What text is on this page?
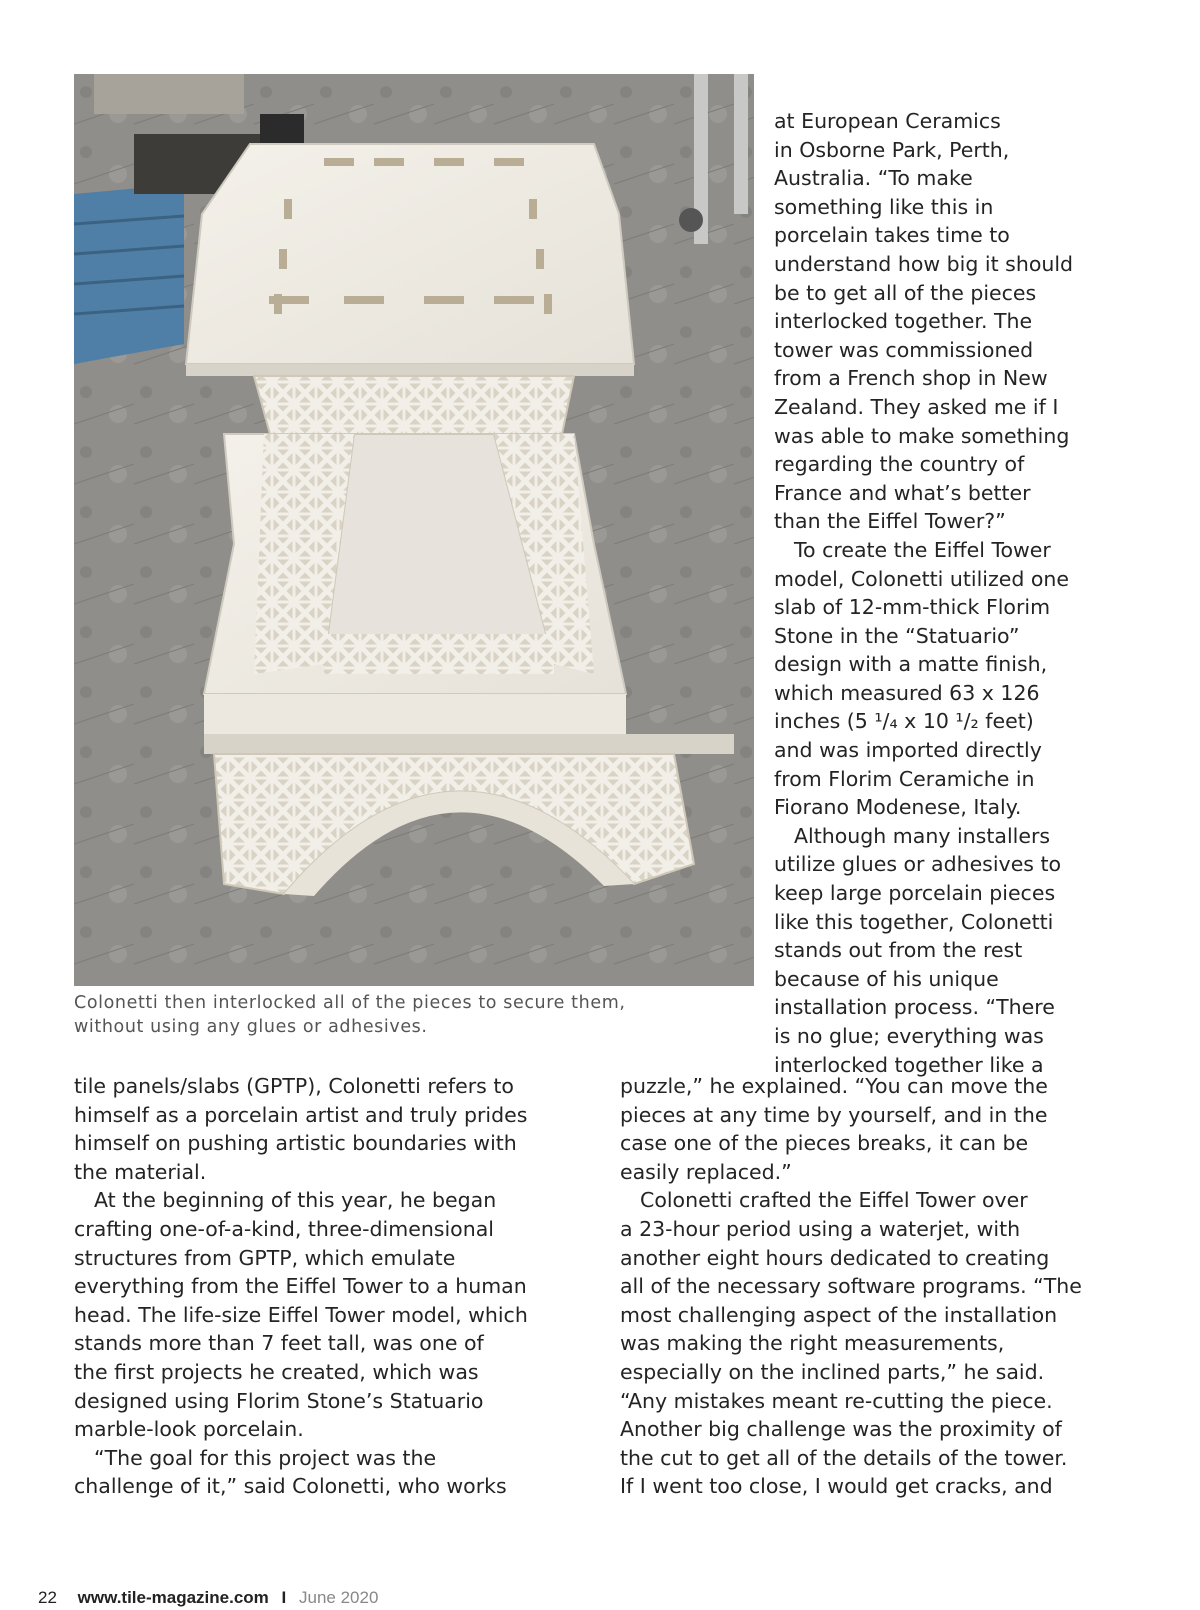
Colonetti then interlocked all of the pieces to secure them,
without using any glues or adhesives.

at European Ceramics
in Osborne Park, Perth,
Australia. “To make
something like this in
porcelain takes time to
understand how big it should
be to get all of the pieces
interlocked together. The
tower was commissioned
from a French shop in New
Zealand. They asked me if I
was able to make something
regarding the country of
France and what’s better
than the Eiffel Tower?”
To create the Eiffel Tower
model, Colonetti utilized one
slab of 12-mm-thick Florim
Stone in the “Statuario”
design with a matte finish,
which measured 63 x 126
inches (5 ¹/₄ x 10 ¹/₂ feet)
and was imported directly
from Florim Ceramiche in
Fiorano Modenese, Italy.
Although many installers
utilize glues or adhesives to
keep large porcelain pieces
like this together, Colonetti
stands out from the rest
because of his unique
installation process. “There
is no glue; everything was
interlocked together like a

tile panels/slabs (GPTP), Colonetti refers to
himself as a porcelain artist and truly prides
himself on pushing artistic boundaries with
the material.
At the beginning of this year, he began
crafting one-of-a-kind, three-dimensional
structures from GPTP, which emulate
everything from the Eiffel Tower to a human
head. The life-size Eiffel Tower model, which
stands more than 7 feet tall, was one of
the first projects he created, which was
designed using Florim Stone’s Statuario
marble-look porcelain.
“The goal for this project was the
challenge of it,” said Colonetti, who works
puzzle,” he explained. “You can move the
pieces at any time by yourself, and in the
case one of the pieces breaks, it can be
easily replaced.”
Colonetti crafted the Eiffel Tower over
a 23-hour period using a waterjet, with
another eight hours dedicated to creating
all of the necessary software programs. “The
most challenging aspect of the installation
was making the right measurements,
especially on the inclined parts,” he said.
“Any mistakes meant re-cutting the piece.
Another big challenge was the proximity of
the cut to get all of the details of the tower.
If I went too close, I would get cracks, and
22 www.tile-magazine.com I June 2020
